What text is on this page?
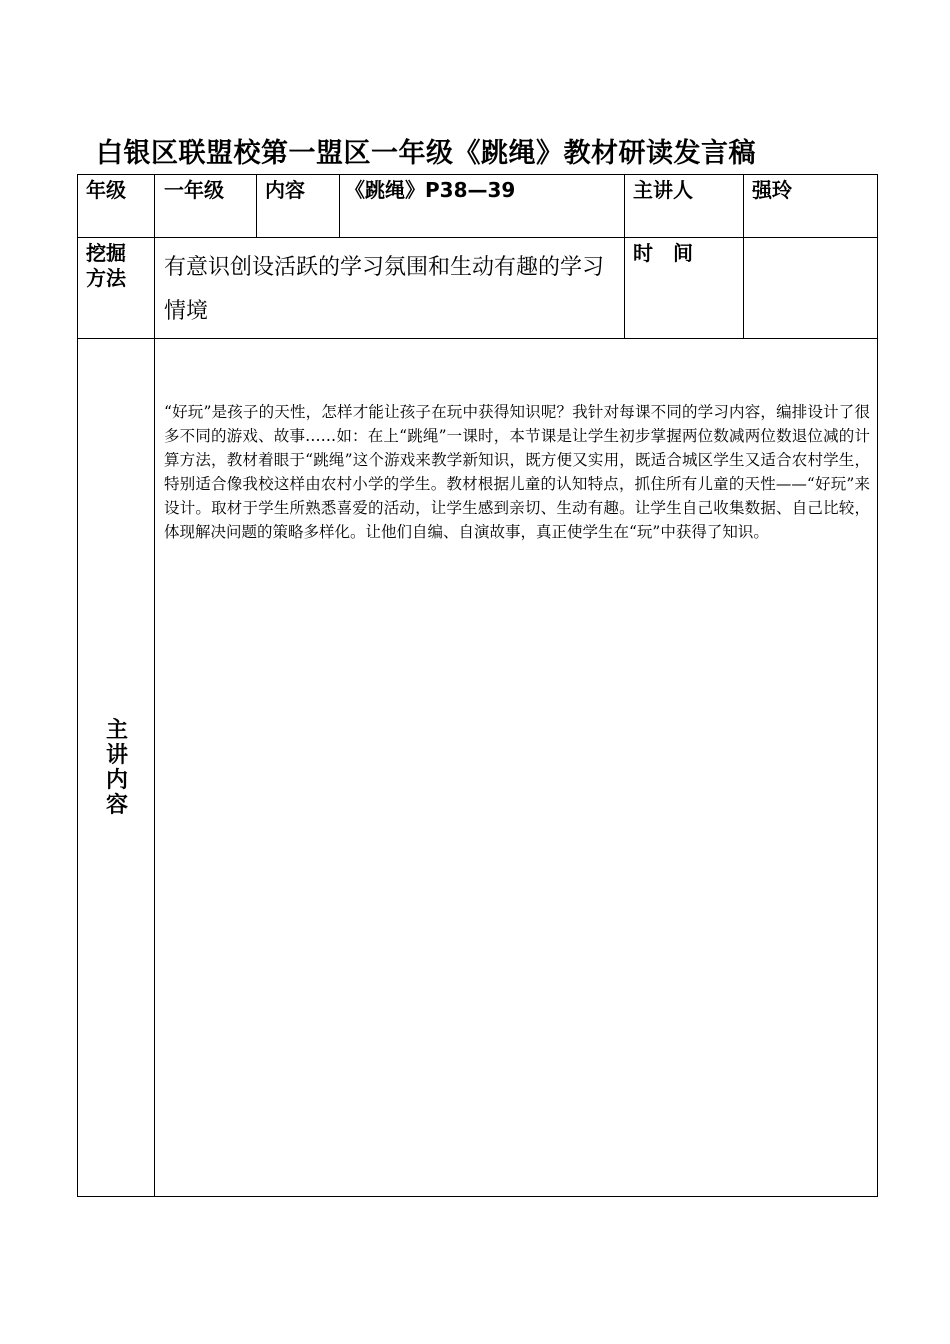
白银区联盟校第一盟区一年级《跳绳》教材研读发言稿
年级 一年级 内容 《跳绳》P38—39	主讲人	强玲
挖掘
方法 有意识创设活跃的学习氛围和生动有趣的学习情境
时　间
主
讲
内
容
“好玩”是孩子的天性，怎样才能让孩子在玩中获得知识呢？我针对每课不同的学习内容，编排设计了很多不同的游戏、故事……如：在上“跳绳”一课时，本节课是让学生初步掌握两位数减两位数退位减的计算方法，教材着眼于“跳绳”这个游戏来教学新知识，既方便又实用，既适合城区学生又适合农村学生，特别适合像我校这样由农村小学的学生。教材根据儿童的认知特点，抓住所有儿童的天性——“好玩”来设计。取材于学生所熟悉喜爱的活动，让学生感到亲切、生动有趣。让学生自己收集数据、自己比较，体现解决问题的策略多样化。让他们自编、自演故事，真正使学生在“玩”中获得了知识。
